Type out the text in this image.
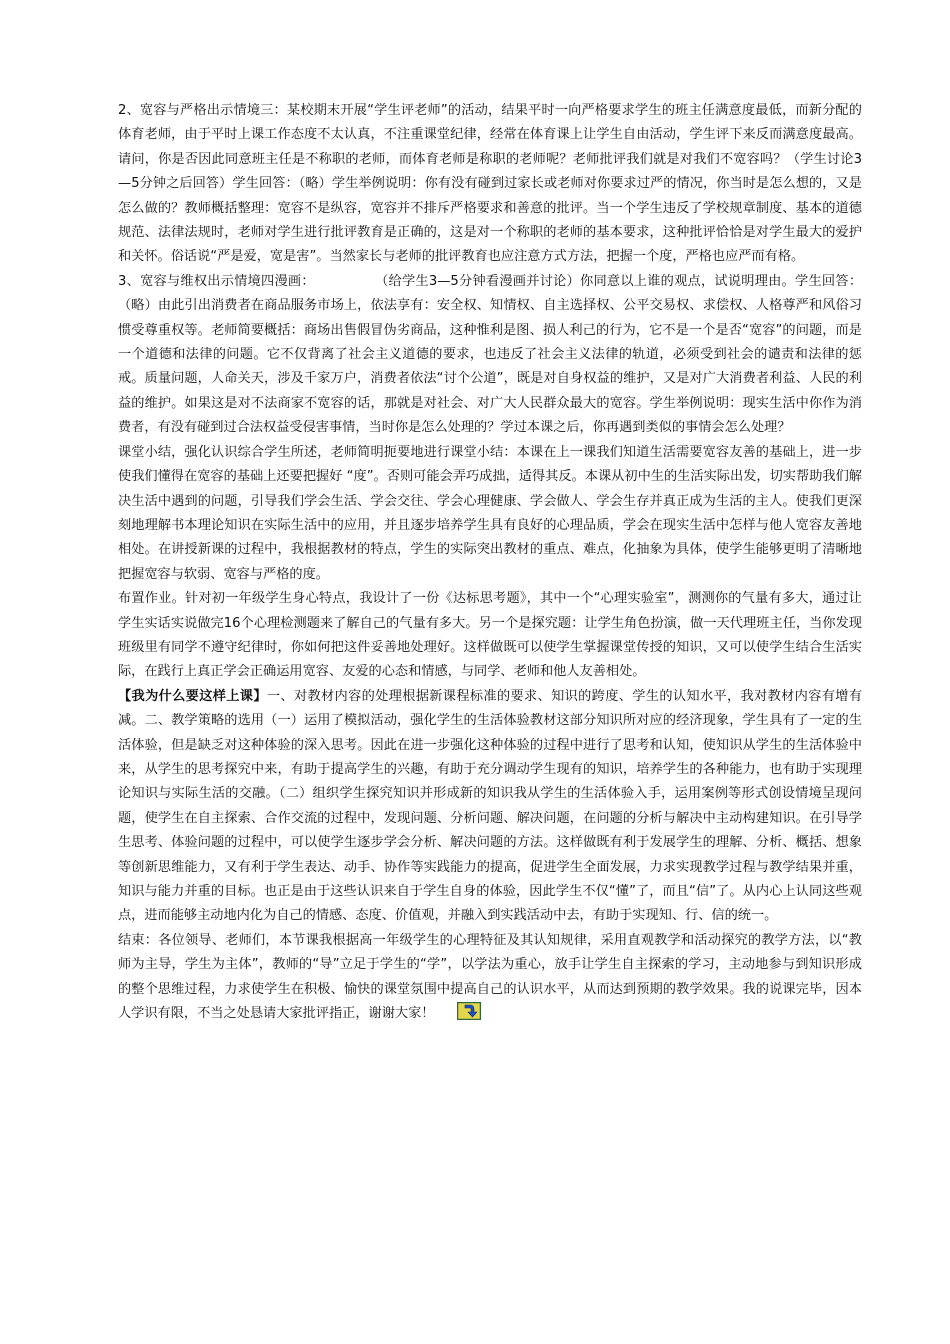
2、宽容与严格出示情境三：某校期末开展“学生评老师”的活动，结果平时一向严格要求学生的班主任满意度最低，而新分配的体育老师，由于平时上课工作态度不太认真，不注重课堂纪律，经常在体育课上让学生自由活动，学生评下来反而满意度最高。请问，你是否因此同意班主任是不称职的老师，而体育老师是称职的老师呢？老师批评我们就是对我们不宽容吗？（学生讨论3—5分钟之后回答）学生回答：（略）学生举例说明：你有没有碰到过家长或老师对你要求过严的情况，你当时是怎么想的，又是怎么做的？教师概括整理：宽容不是纵容，宽容并不排斥严格要求和善意的批评。当一个学生违反了学校规章制度、基本的道德规范、法律法规时，老师对学生进行批评教育是正确的，这是对一个称职的老师的基本要求，这种批评恰恰是对学生最大的爱护和关怀。俗话说“严是爱，宽是害”。当然家长与老师的批评教育也应注意方式方法，把握一个度，严格也应严而有格。

3、宽容与维权出示情境四漫画：	（给学生3—5分钟看漫画并讨论）你同意以上谁的观点，试说明理由。学生回答：（略）由此引出消费者在商品服务市场上，依法享有：安全权、知情权、自主选择权、公平交易权、求偿权、人格尊严和风俗习惯受尊重权等。老师简要概括：商场出售假冒伪劣商品，这种惟利是图、损人利己的行为，它不是一个是否“宽容”的问题，而是一个道德和法律的问题。它不仅背离了社会主义道德的要求，也违反了社会主义法律的轨道，必须受到社会的谴责和法律的惩戒。质量问题，人命关天，涉及千家万户，消费者依法“讨个公道”，既是对自身权益的维护，又是对广大消费者利益、人民的利益的维护。如果这是对不法商家不宽容的话，那就是对社会、对广大人民群众最大的宽容。学生举例说明：现实生活中你作为消费者，有没有碰到过合法权益受侵害事情，当时你是怎么处理的？学过本课之后，你再遇到类似的事情会怎么处理？

课堂小结，强化认识综合学生所述，老师简明扼要地进行课堂小结：本课在上一课我们知道生活需要宽容友善的基础上，进一步使我们懂得在宽容的基础上还要把握好 “度”。否则可能会弄巧成拙，适得其反。本课从初中生的生活实际出发，切实帮助我们解决生活中遇到的问题，引导我们学会生活、学会交往、学会心理健康、学会做人、学会生存并真正成为生活的主人。使我们更深刻地理解书本理论知识在实际生活中的应用，并且逐步培养学生具有良好的心理品质，学会在现实生活中怎样与他人宽容友善地相处。在讲授新课的过程中，我根据教材的特点，学生的实际突出教材的重点、难点，化抽象为具体，使学生能够更明了清晰地把握宽容与软弱、宽容与严格的度。

布置作业。针对初一年级学生身心特点，我设计了一份《达标思考题》，其中一个“心理实验室”，测测你的气量有多大，通过让学生实话实说做完16个心理检测题来了解自己的气量有多大。另一个是探究题：让学生角色扮演，做一天代理班主任，当你发现班级里有同学不遵守纪律时，你如何把这件妥善地处理好。这样做既可以使学生掌握课堂传授的知识，又可以使学生结合生活实际，在践行上真正学会正确运用宽容、友爱的心态和情感，与同学、老师和他人友善相处。

【我为什么要这样上课】一、对教材内容的处理根据新课程标准的要求、知识的跨度、学生的认知水平，我对教材内容有增有减。二、教学策略的选用（一）运用了模拟活动，强化学生的生活体验教材这部分知识所对应的经济现象，学生具有了一定的生活体验，但是缺乏对这种体验的深入思考。因此在进一步强化这种体验的过程中进行了思考和认知，使知识从学生的生活体验中来，从学生的思考探究中来，有助于提高学生的兴趣，有助于充分调动学生现有的知识，培养学生的各种能力，也有助于实现理论知识与实际生活的交融。（二）组织学生探究知识并形成新的知识我从学生的生活体验入手，运用案例等形式创设情境呈现问题，使学生在自主探索、合作交流的过程中，发现问题、分析问题、解决问题，在问题的分析与解决中主动构建知识。在引导学生思考、体验问题的过程中，可以使学生逐步学会分析、解决问题的方法。这样做既有利于发展学生的理解、分析、概括、想象等创新思维能力，又有利于学生表达、动手、协作等实践能力的提高，促进学生全面发展，力求实现教学过程与教学结果并重，知识与能力并重的目标。也正是由于这些认识来自于学生自身的体验，因此学生不仅“懂”了，而且“信”了。从内心上认同这些观点，进而能够主动地内化为自己的情感、态度、价值观，并融入到实践活动中去，有助于实现知、行、信的统一。

结束：各位领导、老师们，本节课我根据高一年级学生的心理特征及其认知规律，采用直观教学和活动探究的教学方法，以“教师为主导，学生为主体”，教师的“导”立足于学生的“学”，以学法为重心，放手让学生自主探索的学习，主动地参与到知识形成的整个思维过程，力求使学生在积极、愉快的课堂氛围中提高自己的认识水平，从而达到预期的教学效果。我的说课完毕，因本人学识有限，不当之处恳请大家批评指正，谢谢大家！
